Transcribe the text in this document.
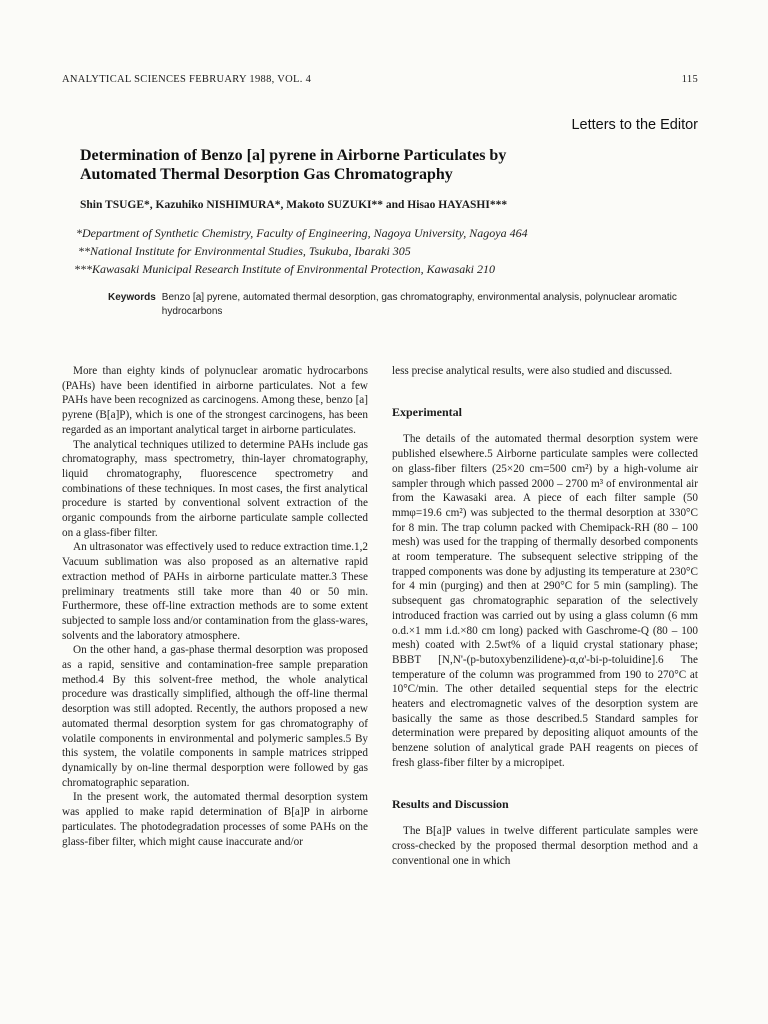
ANALYTICAL SCIENCES FEBRUARY 1988, VOL. 4	115
Letters to the Editor
Determination of Benzo [a] pyrene in Airborne Particulates by
Automated Thermal Desorption Gas Chromatography
Shin TSUGE*, Kazuhiko NISHIMURA*, Makoto SUZUKI** and Hisao HAYASHI***
*Department of Synthetic Chemistry, Faculty of Engineering, Nagoya University, Nagoya 464
**National Institute for Environmental Studies, Tsukuba, Ibaraki 305
***Kawasaki Municipal Research Institute of Environmental Protection, Kawasaki 210
Keywords Benzo [a] pyrene, automated thermal desorption, gas chromatography, environmental analysis, polynuclear aromatic hydrocarbons

More than eighty kinds of polynuclear aromatic hydrocarbons (PAHs) have been identified in airborne particulates. Not a few PAHs have been recognized as carcinogens. Among these, benzo [a] pyrene (B[a]P), which is one of the strongest carcinogens, has been regarded as an important analytical target in airborne particulates.

The analytical techniques utilized to determine PAHs include gas chromatography, mass spectrometry, thin-layer chromatography, liquid chromatography, fluorescence spectrometry and combinations of these techniques. In most cases, the first analytical procedure is started by conventional solvent extraction of the organic compounds from the airborne particulate sample collected on a glass-fiber filter.

An ultrasonator was effectively used to reduce extraction time.1,2 Vacuum sublimation was also proposed as an alternative rapid extraction method of PAHs in airborne particulate matter.3 These preliminary treatments still take more than 40 or 50 min. Furthermore, these off-line extraction methods are to some extent subjected to sample loss and/or contamination from the glass-wares, solvents and the laboratory atmosphere.

On the other hand, a gas-phase thermal desorption was proposed as a rapid, sensitive and contamination-free sample preparation method.4 By this solvent-free method, the whole analytical procedure was drastically simplified, although the off-line thermal desorption was still adopted. Recently, the authors proposed a new automated thermal desorption system for gas chromatography of volatile components in environmental and polymeric samples.5 By this system, the volatile components in sample matrices stripped dynamically by on-line thermal desporption were followed by gas chromatographic separation.

In the present work, the automated thermal desorption system was applied to make rapid determination of B[a]P in airborne particulates. The photodegradation processes of some PAHs on the glass-fiber filter, which might cause inaccurate and/or

less precise analytical results, were also studied and discussed.

Experimental

The details of the automated thermal desorption system were published elsewhere.5 Airborne particulate samples were collected on glass-fiber filters (25×20 cm=500 cm²) by a high-volume air sampler through which passed 2000 – 2700 m³ of environmental air from the Kawasaki area. A piece of each filter sample (50 mmφ=19.6 cm²) was subjected to the thermal desorption at 330°C for 8 min. The trap column packed with Chemipack-RH (80 – 100 mesh) was used for the trapping of thermally desorbed components at room temperature. The subsequent selective stripping of the trapped components was done by adjusting its temperature at 230°C for 4 min (purging) and then at 290°C for 5 min (sampling). The subsequent gas chromatographic separation of the selectively introduced fraction was carried out by using a glass column (6 mm o.d.×1 mm i.d.×80 cm long) packed with Gaschrome-Q (80 – 100 mesh) coated with 2.5wt% of a liquid crystal stationary phase; BBBT [N,N'-(p-butoxybenzilidene)-α,α'-bi-p-toluidine].6 The temperature of the column was programmed from 190 to 270°C at 10°C/min. The other detailed sequential steps for the electric heaters and electromagnetic valves of the desorption system are basically the same as those described.5 Standard samples for determination were prepared by depositing aliquot amounts of the benzene solution of analytical grade PAH reagents on pieces of fresh glass-fiber filter by a micropipet.

Results and Discussion

The B[a]P values in twelve different particulate samples were cross-checked by the proposed thermal desorption method and a conventional one in which
